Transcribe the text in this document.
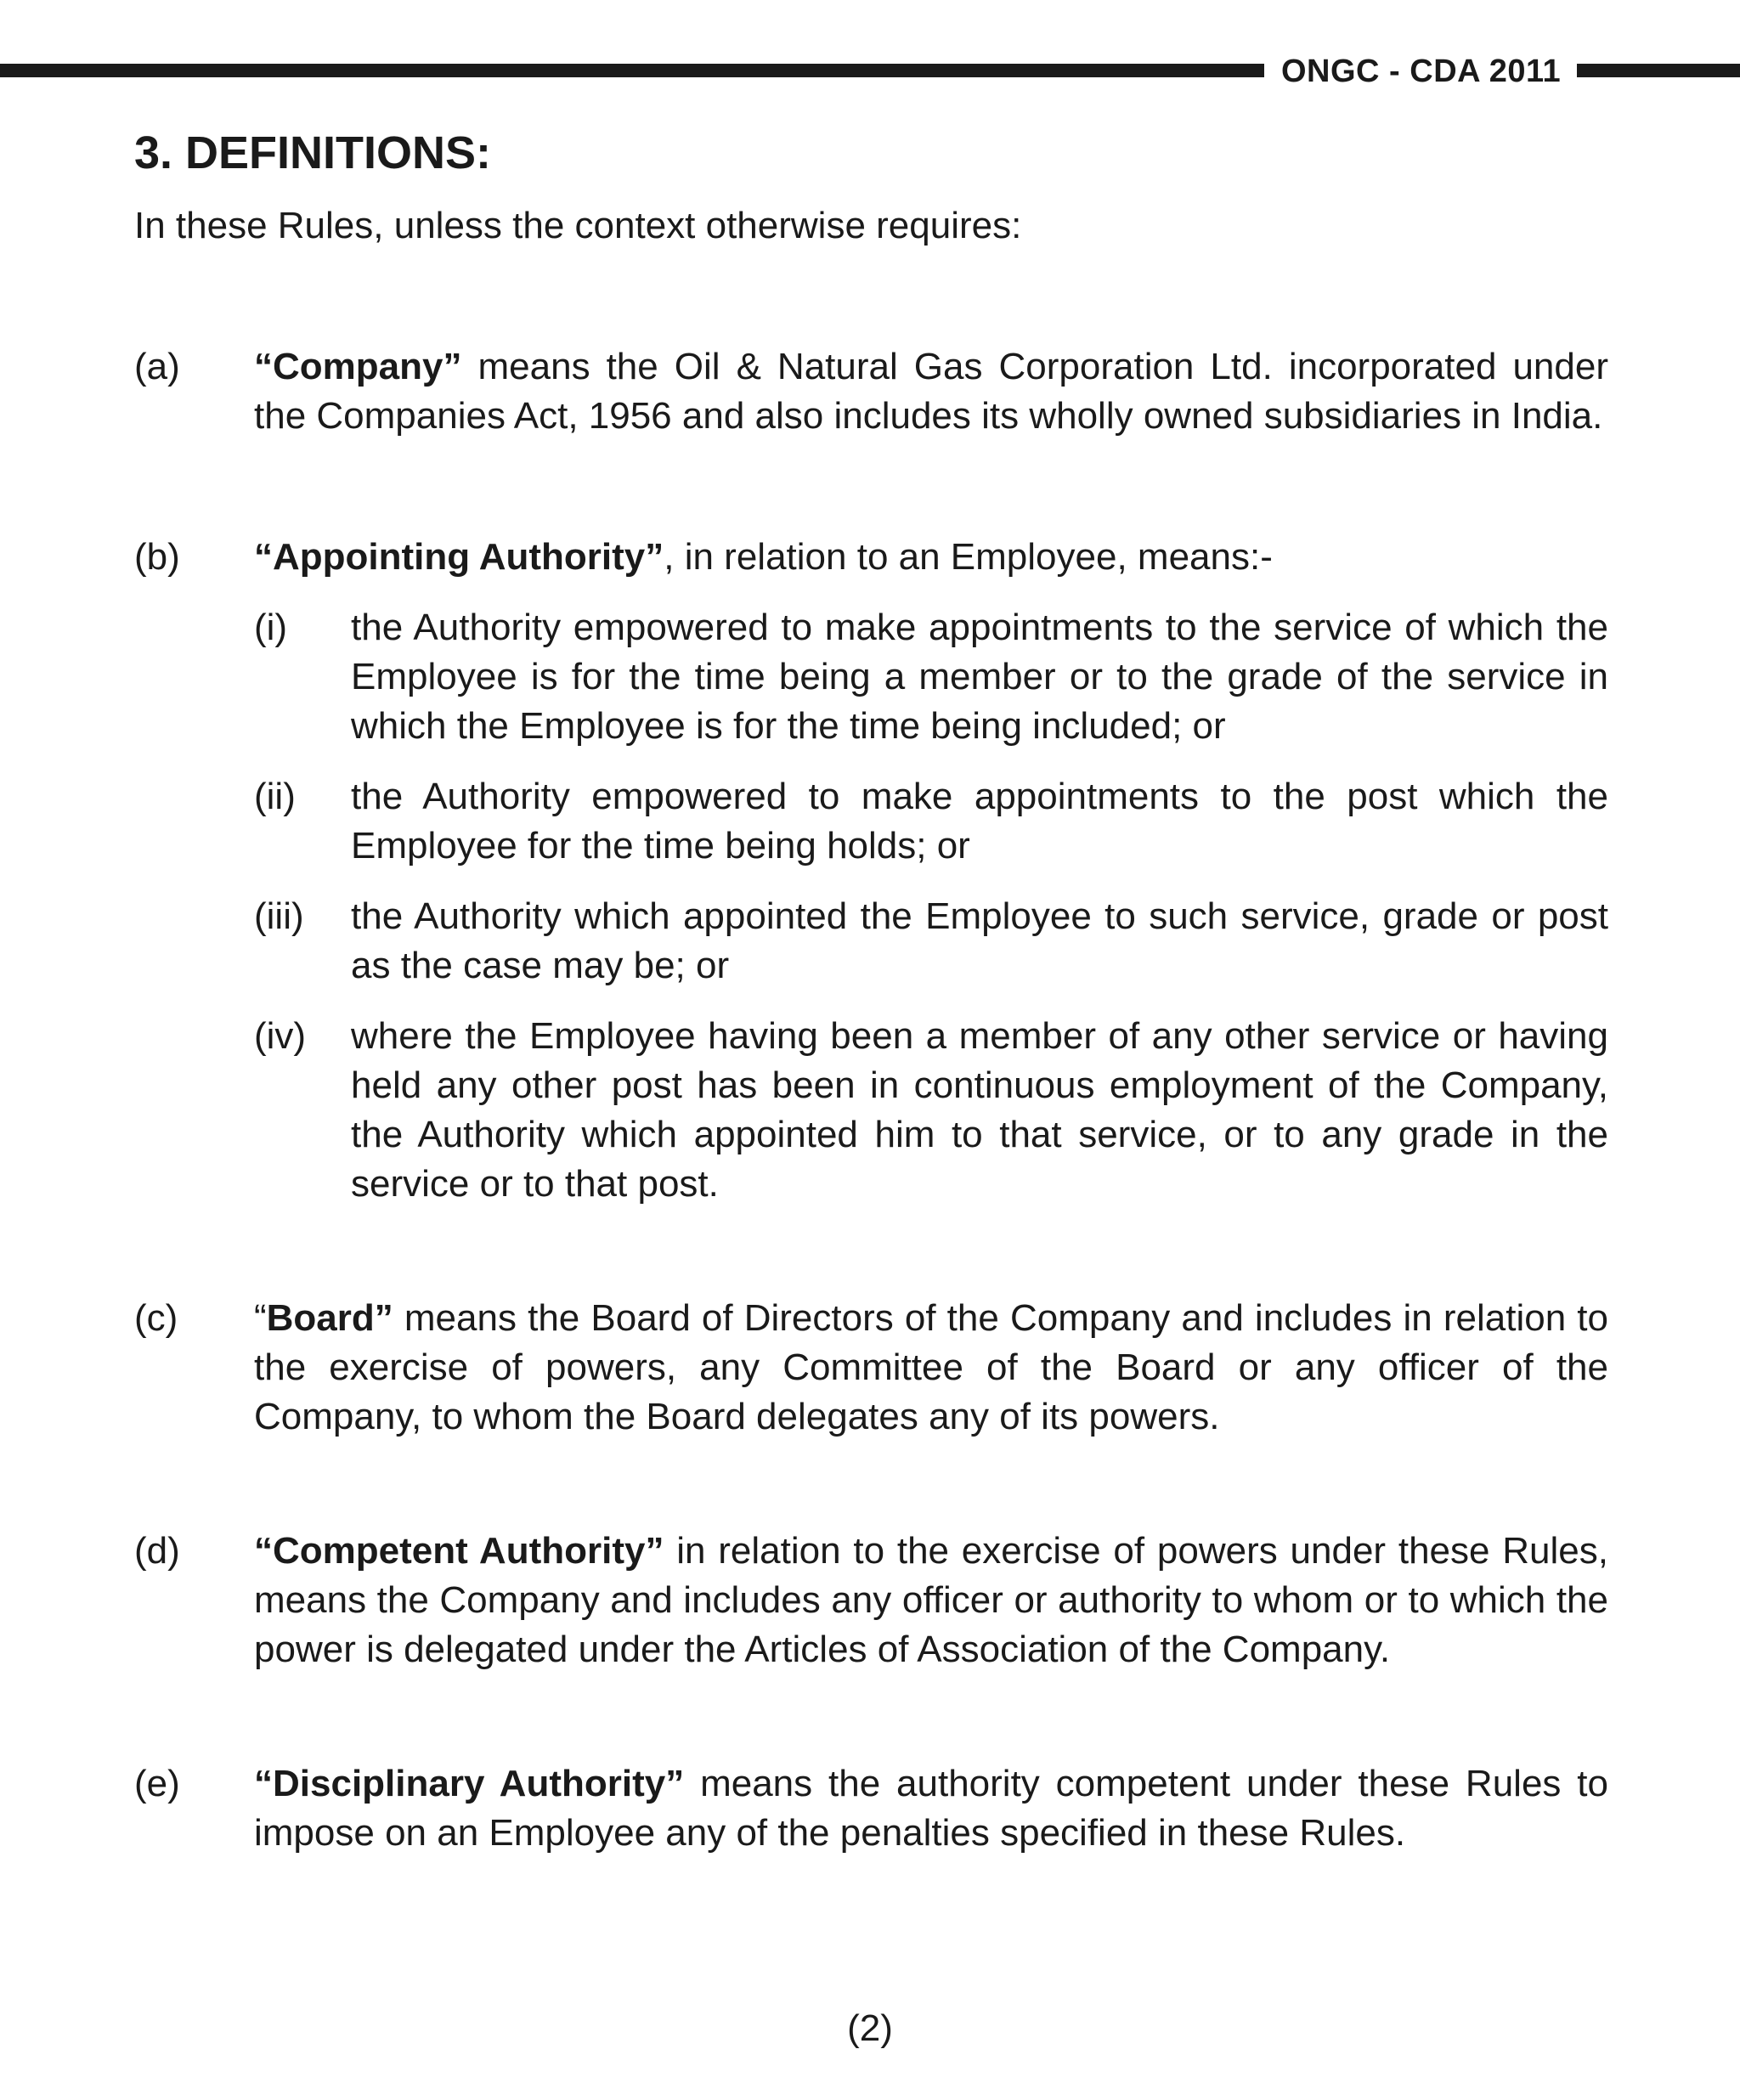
ONGC - CDA 2011
3. DEFINITIONS:

In these Rules, unless the context otherwise requires:

(a) “Company” means the Oil & Natural Gas Corporation Ltd. incorporated under the Companies Act, 1956 and also includes its wholly owned subsidiaries in India.
(b) “Appointing Authority”, in relation to an Employee, means:-
(i) the Authority empowered to make appointments to the service of which the Employee is for the time being a member or to the grade of the service in which the Employee is for the time being included; or
(ii) the Authority empowered to make appointments to the post which the Employee for the time being holds; or
(iii) the Authority which appointed the Employee to such service, grade or post as the case may be; or
(iv) where the Employee having been a member of any other service or having held any other post has been in continuous employment of the Company, the Authority which appointed him to that service, or to any grade in the service or to that post.
(c) “Board” means the Board of Directors of the Company and includes in relation to the exercise of powers, any Committee of the Board or any officer of the Company, to whom the Board delegates any of its powers.
(d) “Competent Authority” in relation to the exercise of powers under these Rules, means the Company and includes any officer or authority to whom or to which the power is delegated under the Articles of Association of the Company.
(e) “Disciplinary Authority” means the authority competent under these Rules to impose on an Employee any of the penalties specified in these Rules.
(2)
